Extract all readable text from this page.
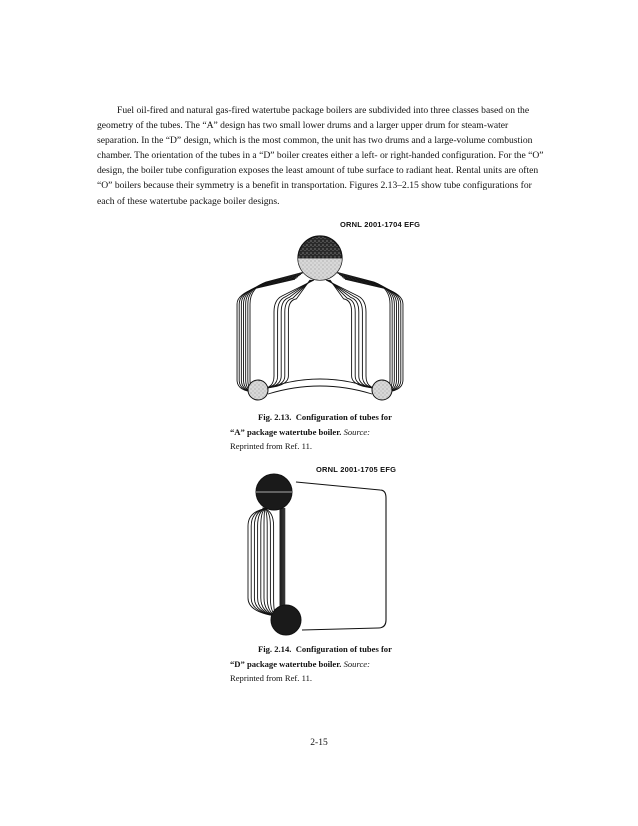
Fuel oil-fired and natural gas-fired watertube package boilers are subdivided into three classes based on the geometry of the tubes. The “A” design has two small lower drums and a larger upper drum for steam-water separation. In the “D” design, which is the most common, the unit has two drums and a large-volume combustion chamber. The orientation of the tubes in a “D” boiler creates either a left- or right-handed configuration. For the “O” design, the boiler tube configuration exposes the least amount of tube surface to radiant heat. Rental units are often “O” boilers because their symmetry is a benefit in transportation. Figures 2.13–2.15 show tube configurations for each of these watertube package boiler designs.

ORNL 2001-1704 EFG
Fig. 2.13. Configuration of tubes for
“A” package watertube boiler. Source:
Reprinted from Ref. 11.
ORNL 2001-1705 EFG
Fig. 2.14. Configuration of tubes for
“D” package watertube boiler. Source:
Reprinted from Ref. 11.
2-15
